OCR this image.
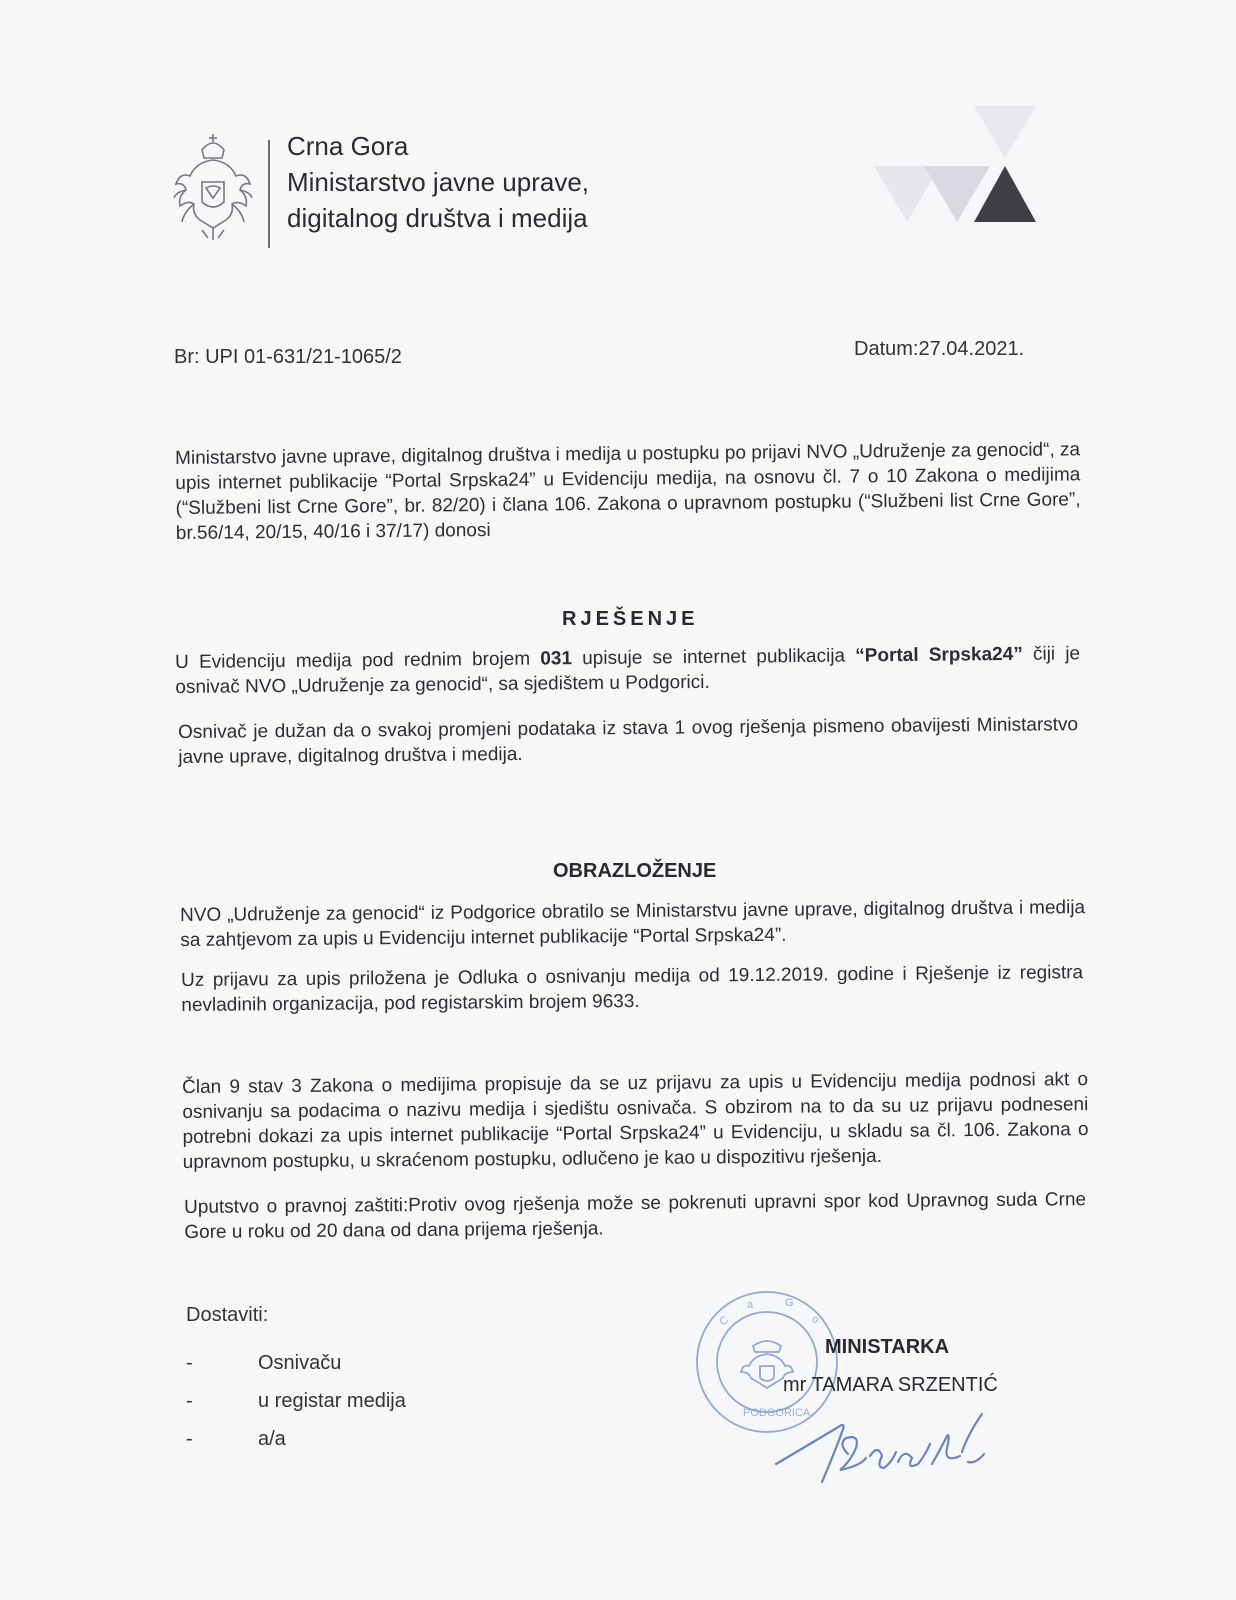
Crna Gora
Ministarstvo javne uprave,
digitalnog društva i medija
Br: UPI 01-631/21-1065/2	Datum:27.04.2021.

Ministarstvo javne uprave, digitalnog društva i medija u postupku po prijavi NVO „Udruženje za genocid“, za upis internet publikacije “Portal Srpska24” u Evidenciju medija, na osnovu čl. 7 o 10 Zakona o medijima (“Službeni list Crne Gore”, br. 82/20) i člana 106. Zakona o upravnom postupku (“Službeni list Crne Gore”, br.56/14, 20/15, 40/16 i 37/17) donosi

RJEŠENJE

U Evidenciju medija pod rednim brojem 031 upisuje se internet publikacija “Portal Srpska24” čiji je osnivač NVO „Udruženje za genocid“, sa sjedištem u Podgorici.

Osnivač je dužan da o svakoj promjeni podataka iz stava 1 ovog rješenja pismeno obavijesti Ministarstvo javne uprave, digitalnog društva i medija.

OBRAZLOŽENJE

NVO „Udruženje za genocid“ iz Podgorice obratilo se Ministarstvu javne uprave, digitalnog društva i medija sa zahtjevom za upis u Evidenciju internet publikacije “Portal Srpska24”.

Uz prijavu za upis priložena je Odluka o osnivanju medija od 19.12.2019. godine i Rješenje iz registra nevladinih organizacija, pod registarskim brojem 9633.

Član 9 stav 3 Zakona o medijima propisuje da se uz prijavu za upis u Evidenciju medija podnosi akt o osnivanju sa podacima o nazivu medija i sjedištu osnivača. S obzirom na to da su uz prijavu podneseni potrebni dokazi za upis internet publikacije “Portal Srpska24” u Evidenciju, u skladu sa čl. 106. Zakona o upravnom postupku, u skraćenom postupku, odlučeno je kao u dispozitivu rješenja.

Uputstvo o pravnoj zaštiti:Protiv ovog rješenja može se pokrenuti upravni spor kod Upravnog suda Crne Gore u roku od 20 dana od dana prijema rješenja.

Dostaviti:
-	Osnivaču
-	u registar medija
-	a/a
C
a	G
o
PODGORICA
MINISTARKA
mr TAMARA SRZENTIĆ
